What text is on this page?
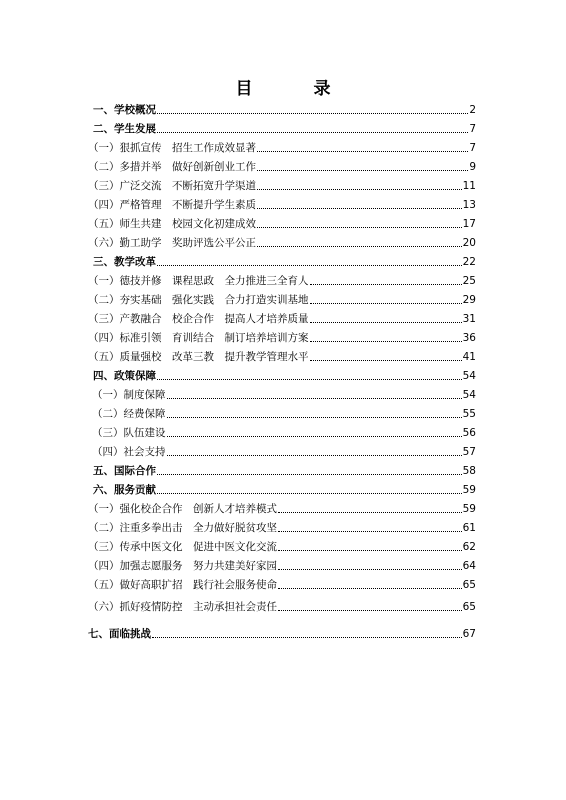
目　录
一、学校概况	2
二、学生发展	7
（一）狠抓宣传　招生工作成效显著	7
（二）多措并举　做好创新创业工作	9
（三）广泛交流　不断拓宽升学渠道	11
（四）严格管理　不断提升学生素质	13
（五）师生共建　校园文化初建成效	17
（六）勤工助学　奖助评选公平公正	20
三、教学改革	22
（一）德技并修　课程思政　全力推进三全育人	25
（二）夯实基础　强化实践　合力打造实训基地	29
（三）产教融合　校企合作　提高人才培养质量	31
（四）标准引领　育训结合　制订培养培训方案	36
（五）质量强校　改革三教　提升教学管理水平	41
四、政策保障	54
（一）制度保障	54
（二）经费保障	55
（三）队伍建设	56
（四）社会支持	57
五、国际合作	58
六、服务贡献	59
（一）强化校企合作　创新人才培养模式	59
（二）注重多拳出击　全力做好脱贫攻坚	61
（三）传承中医文化　促进中医文化交流	62
（四）加强志愿服务　努力共建美好家园	64
（五）做好高职扩招　践行社会服务使命	65
（六）抓好疫情防控　主动承担社会责任	65
七、面临挑战	67
